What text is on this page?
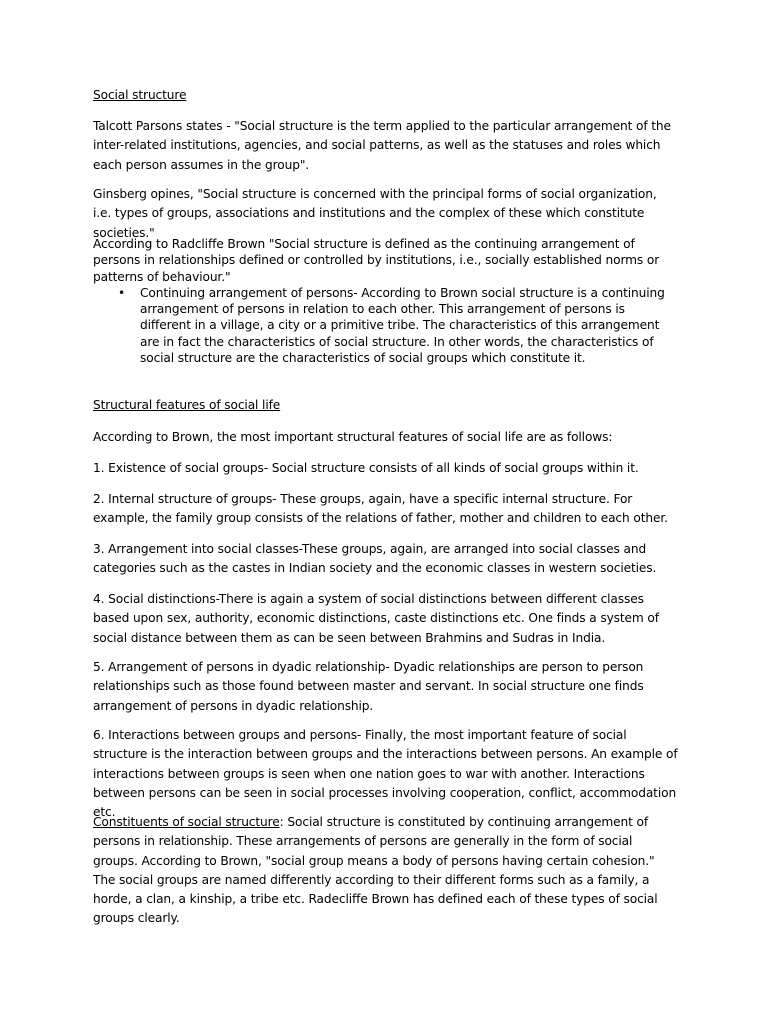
Social structure

Talcott Parsons states - "Social structure is the term applied to the particular arrangement of the inter-related institutions, agencies, and social patterns, as well as the statuses and roles which each person assumes in the group".

Ginsberg opines, "Social structure is concerned with the principal forms of social organization, i.e. types of groups, associations and institutions and the complex of these which constitute societies."

According to Radcliffe Brown "Social structure is defined as the continuing arrangement of persons in relationships defined or controlled by institutions, i.e., socially established norms or patterns of behaviour."

• Continuing arrangement of persons- According to Brown social structure is a continuing arrangement of persons in relation to each other. This arrangement of persons is different in a village, a city or a primitive tribe. The characteristics of this arrangement are in fact the characteristics of social structure. In other words, the characteristics of social structure are the characteristics of social groups which constitute it.
Structural features of social life

According to Brown, the most important structural features of social life are as follows:

1. Existence of social groups- Social structure consists of all kinds of social groups within it.

2. Internal structure of groups- These groups, again, have a specific internal structure. For example, the family group consists of the relations of father, mother and children to each other.

3. Arrangement into social classes-These groups, again, are arranged into social classes and categories such as the castes in Indian society and the economic classes in western societies.

4. Social distinctions-There is again a system of social distinctions between different classes based upon sex, authority, economic distinctions, caste distinctions etc. One finds a system of social distance between them as can be seen between Brahmins and Sudras in India.

5. Arrangement of persons in dyadic relationship- Dyadic relationships are person to person relationships such as those found between master and servant. In social structure one finds arrangement of persons in dyadic relationship.

6. Interactions between groups and persons- Finally, the most important feature of social structure is the interaction between groups and the interactions between persons. An example of interactions between groups is seen when one nation goes to war with another. Interactions between persons can be seen in social processes involving cooperation, conflict, accommodation etc.

Constituents of social structure: Social structure is constituted by continuing arrangement of persons in relationship. These arrangements of persons are generally in the form of social groups. According to Brown, "social group means a body of persons having certain cohesion." The social groups are named differently according to their different forms such as a family, a horde, a clan, a kinship, a tribe etc. Radecliffe Brown has defined each of these types of social groups clearly.
